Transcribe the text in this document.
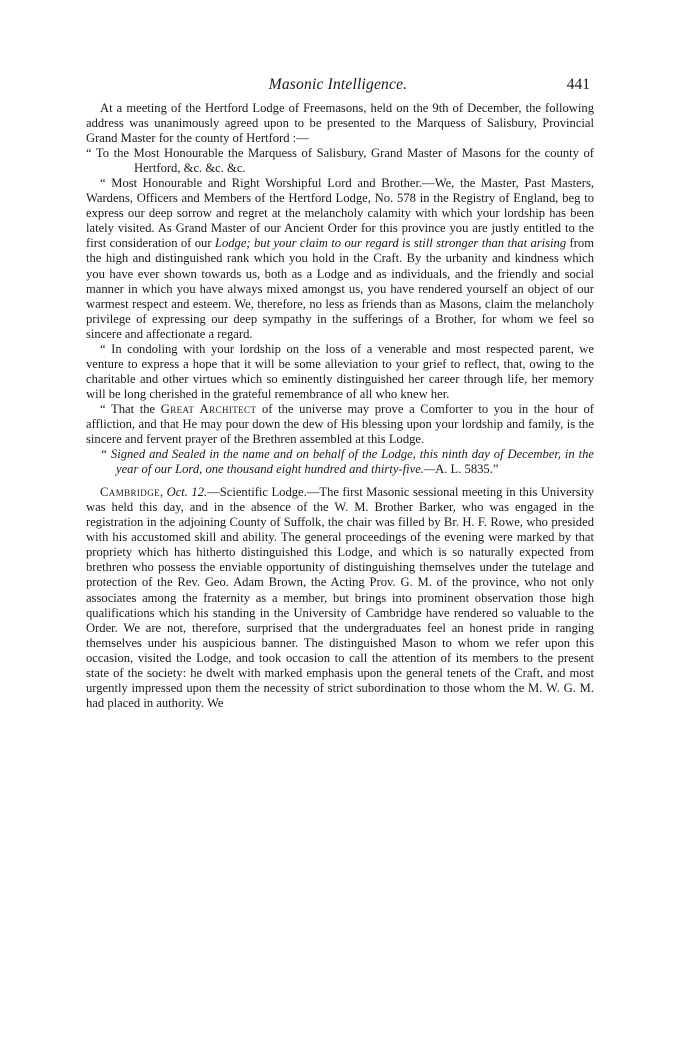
Masonic Intelligence.	441

At a meeting of the Hertford Lodge of Freemasons, held on the 9th of December, the following address was unanimously agreed upon to be presented to the Marquess of Salisbury, Provincial Grand Master for the county of Hertford :—

“ To the Most Honourable the Marquess of Salisbury, Grand Master of Masons for the county of Hertford, &c. &c. &c.

“ Most Honourable and Right Worshipful Lord and Brother.—We, the Master, Past Masters, Wardens, Officers and Members of the Hertford Lodge, No. 578 in the Registry of England, beg to express our deep sorrow and regret at the melancholy calamity with which your lordship has been lately visited. As Grand Master of our Ancient Order for this province you are justly entitled to the first consideration of our Lodge; but your claim to our regard is still stronger than that arising from the high and distinguished rank which you hold in the Craft. By the urbanity and kindness which you have ever shown towards us, both as a Lodge and as individuals, and the friendly and social manner in which you have always mixed amongst us, you have rendered yourself an object of our warmest respect and esteem. We, therefore, no less as friends than as Masons, claim the melancholy privilege of expressing our deep sympathy in the sufferings of a Brother, for whom we feel so sincere and affectionate a regard.

“ In condoling with your lordship on the loss of a venerable and most respected parent, we venture to express a hope that it will be some alleviation to your grief to reflect, that, owing to the charitable and other virtues which so eminently distinguished her career through life, her memory will be long cherished in the grateful remembrance of all who knew her.

“ That the Great Architect of the universe may prove a Comforter to you in the hour of affliction, and that He may pour down the dew of His blessing upon your lordship and family, is the sincere and fervent prayer of the Brethren assembled at this Lodge.

“ Signed and Sealed in the name and on behalf of the Lodge, this ninth day of December, in the year of our Lord, one thousand eight hundred and thirty-five.—A. L. 5835.”

Cambridge, Oct. 12.—Scientific Lodge.—The first Masonic sessional meeting in this University was held this day, and in the absence of the W. M. Brother Barker, who was engaged in the registration in the adjoining County of Suffolk, the chair was filled by Br. H. F. Rowe, who presided with his accustomed skill and ability. The general proceedings of the evening were marked by that propriety which has hitherto distinguished this Lodge, and which is so naturally expected from brethren who possess the enviable opportunity of distinguishing themselves under the tutelage and protection of the Rev. Geo. Adam Brown, the Acting Prov. G. M. of the province, who not only associates among the fraternity as a member, but brings into prominent observation those high qualifications which his standing in the University of Cambridge have rendered so valuable to the Order. We are not, therefore, surprised that the undergraduates feel an honest pride in ranging themselves under his auspicious banner. The distinguished Mason to whom we refer upon this occasion, visited the Lodge, and took occasion to call the attention of its members to the present state of the society: he dwelt with marked emphasis upon the general tenets of the Craft, and most urgently impressed upon them the necessity of strict subordination to those whom the M. W. G. M. had placed in authority. We
